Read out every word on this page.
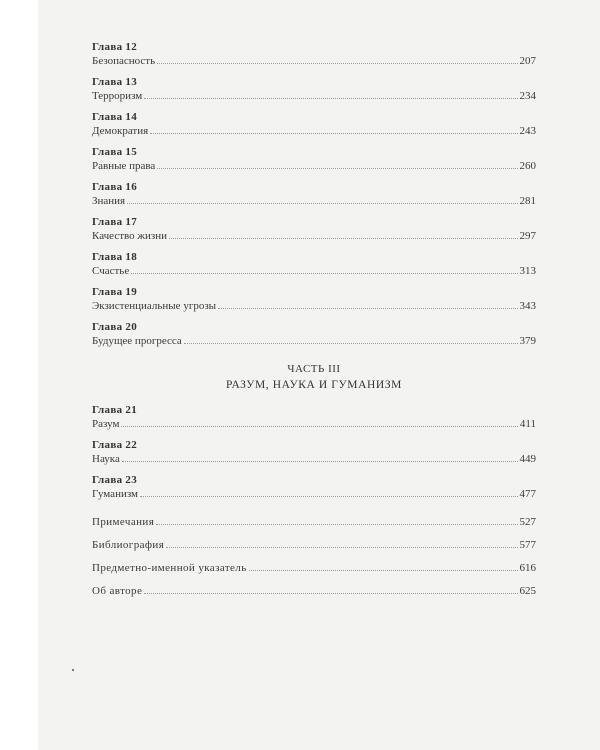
Глава 12
Безопасность	207
Глава 13
Терроризм	234
Глава 14
Демократия	243
Глава 15
Равные права	260
Глава 16
Знания	281
Глава 17
Качество жизни	297
Глава 18
Счастье	313
Глава 19
Экзистенциальные угрозы	343
Глава 20
Будущее прогресса	379
ЧАСТЬ III
РАЗУМ, НАУКА И ГУМАНИЗМ
Глава 21
Разум	411
Глава 22
Наука	449
Глава 23
Гуманизм	477
Примечания	527
Библиография	577
Предметно-именной указатель	616
Об авторе	625
